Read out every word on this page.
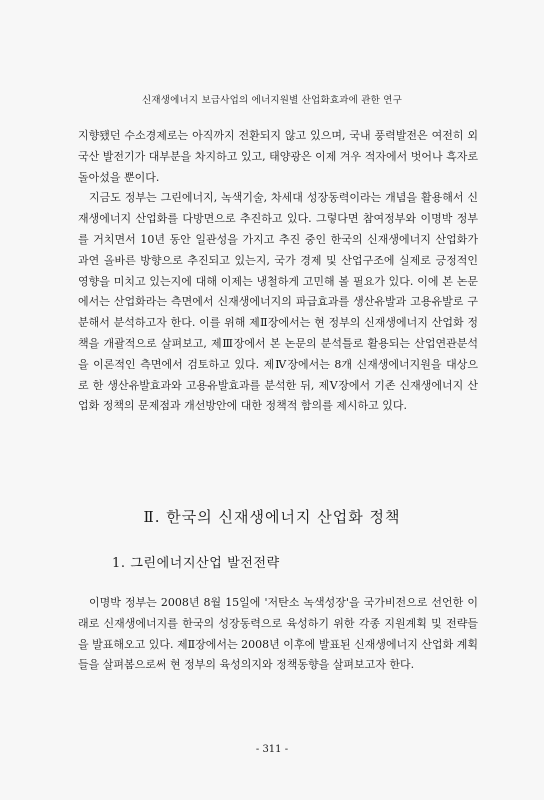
신재생에너지 보급사업의 에너지원별 산업화효과에 관한 연구

지향됐던 수소경제로는 아직까지 전환되지 않고 있으며, 국내 풍력발전은 여전히 외국산 발전기가 대부분을 차지하고 있고, 태양광은 이제 겨우 적자에서 벗어나 흑자로 돌아섰을 뿐이다.

지금도 정부는 그린에너지, 녹색기술, 차세대 성장동력이라는 개념을 활용해서 신재생에너지 산업화를 다방면으로 추진하고 있다. 그렇다면 참여정부와 이명박 정부를 거치면서 10년 동안 일관성을 가지고 추진 중인 한국의 신재생에너지 산업화가 과연 올바른 방향으로 추진되고 있는지, 국가 경제 및 산업구조에 실제로 긍정적인 영향을 미치고 있는지에 대해 이제는 냉철하게 고민해 볼 필요가 있다. 이에 본 논문에서는 산업화라는 측면에서 신재생에너지의 파급효과를 생산유발과 고용유발로 구분해서 분석하고자 한다. 이를 위해 제Ⅱ장에서는 현 정부의 신재생에너지 산업화 정책을 개괄적으로 살펴보고, 제Ⅲ장에서 본 논문의 분석틀로 활용되는 산업연관분석을 이론적인 측면에서 검토하고 있다. 제Ⅳ장에서는 8개 신재생에너지원을 대상으로 한 생산유발효과와 고용유발효과를 분석한 뒤, 제Ⅴ장에서 기존 신재생에너지 산업화 정책의 문제점과 개선방안에 대한 정책적 함의를 제시하고 있다.

Ⅱ. 한국의 신재생에너지 산업화 정책
1. 그린에너지산업 발전전략

이명박 정부는 2008년 8월 15일에 '저탄소 녹색성장'을 국가비전으로 선언한 이래로 신재생에너지를 한국의 성장동력으로 육성하기 위한 각종 지원계획 및 전략들을 발표해오고 있다. 제Ⅱ장에서는 2008년 이후에 발표된 신재생에너지 산업화 계획들을 살펴봄으로써 현 정부의 육성의지와 정책동향을 살펴보고자 한다.

- 311 -
